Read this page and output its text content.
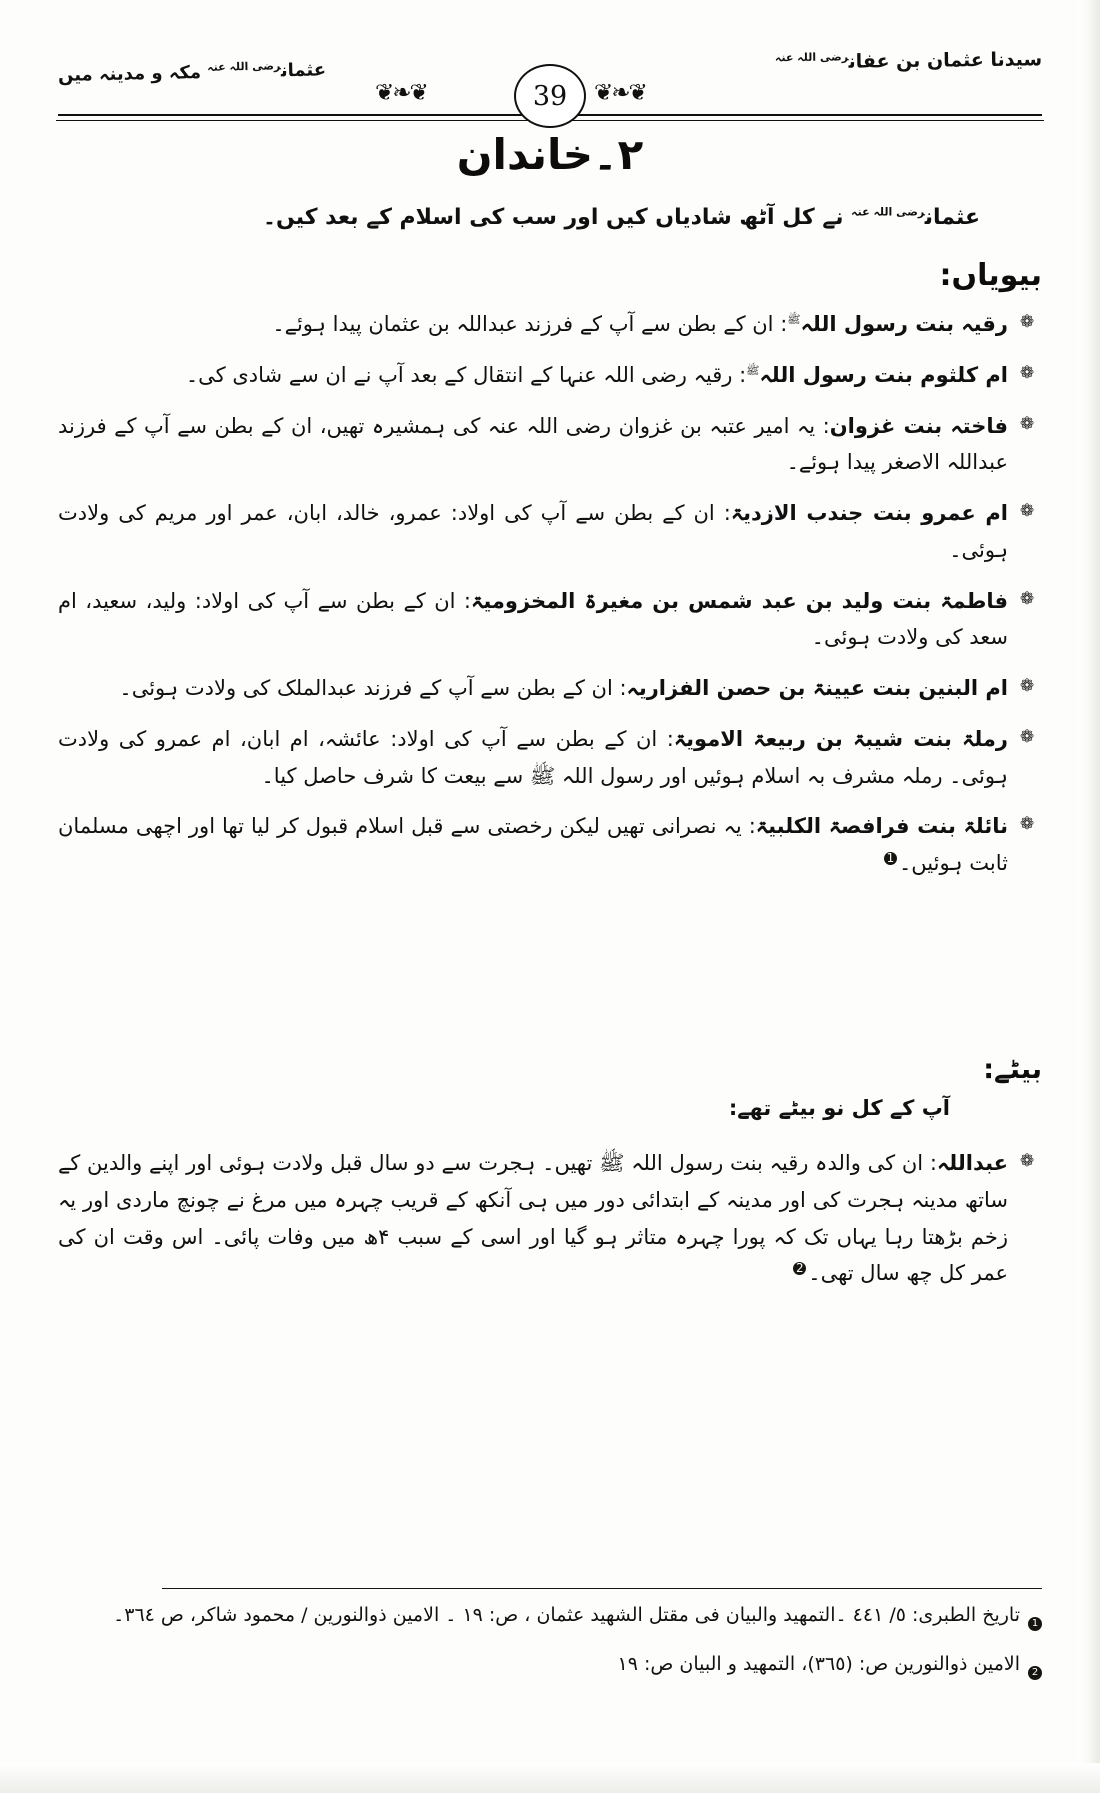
سیدنا عثمان بن عفان$^{رضی اللہ عنہ}$
عثمان$^{رضی اللہ عنہ}$ مکہ و مدینہ میں
❦❧❦
❦❧❦	39
۲۔خاندان
عثمان$^{رضی اللہ عنہ}$ نے کل آٹھ شادیاں کیں اور سب کی اسلام کے بعد کیں۔
بیویاں:
❁
رقیہ بنت رسول اللہ$^ﷺ$: ان کے بطن سے آپ کے فرزند عبداللہ بن عثمان پیدا ہوئے۔
❁
ام کلثوم بنت رسول اللہ$^ﷺ$: رقیہ رضی اللہ عنہا کے انتقال کے بعد آپ نے ان سے شادی کی۔
❁
فاختہ بنت غزوان: یہ امیر عتبہ بن غزوان رضی اللہ عنہ کی ہمشیرہ تھیں، ان کے بطن سے آپ کے فرزند عبداللہ الاصغر پیدا ہوئے۔
❁
ام عمرو بنت جندب الازدیۃ: ان کے بطن سے آپ کی اولاد: عمرو، خالد، ابان، عمر اور مریم کی ولادت ہوئی۔
❁
فاطمۃ بنت ولید بن عبد شمس بن مغیرۃ المخزومیۃ: ان کے بطن سے آپ کی اولاد: ولید، سعید، ام سعد کی ولادت ہوئی۔
❁
ام البنین بنت عیینۃ بن حصن الفزاریہ: ان کے بطن سے آپ کے فرزند عبدالملک کی ولادت ہوئی۔
❁
رملۃ بنت شیبۃ بن ربیعۃ الامویۃ: ان کے بطن سے آپ کی اولاد: عائشہ، ام ابان، ام عمرو کی ولادت ہوئی۔ رملہ مشرف بہ اسلام ہوئیں اور رسول اللہ ﷺ سے بیعت کا شرف حاصل کیا۔
❁
نائلۃ بنت فرافصۃ الکلبیۃ: یہ نصرانی تھیں لیکن رخصتی سے قبل اسلام قبول کر لیا تھا اور اچھی مسلمان ثابت ہوئیں۔1
بیٹے:
آپ کے کل نو بیٹے تھے:
❁
عبداللہ: ان کی والدہ رقیہ بنت رسول اللہ ﷺ تھیں۔ ہجرت سے دو سال قبل ولادت ہوئی اور اپنے والدین کے ساتھ مدینہ ہجرت کی اور مدینہ کے ابتدائی دور میں ہی آنکھ کے قریب چہرہ میں مرغ نے چونچ ماردی اور یہ زخم بڑھتا رہا یہاں تک کہ پورا چہرہ متاثر ہو گیا اور اسی کے سبب ۴ھ میں وفات پائی۔ اس وقت ان کی عمر کل چھ سال تھی۔2
1
تاریخ الطبری: ٥/ ٤٤١ ۔التمهيد والبيان فى مقتل الشهيد عثمان ، ص: ١٩ ۔ الامين ذوالنورين / محمود شاكر، ص ٣٦٤۔
2
الامين ذوالنورين ص: (٣٦٥)، التمهيد و البيان ص: ١٩
